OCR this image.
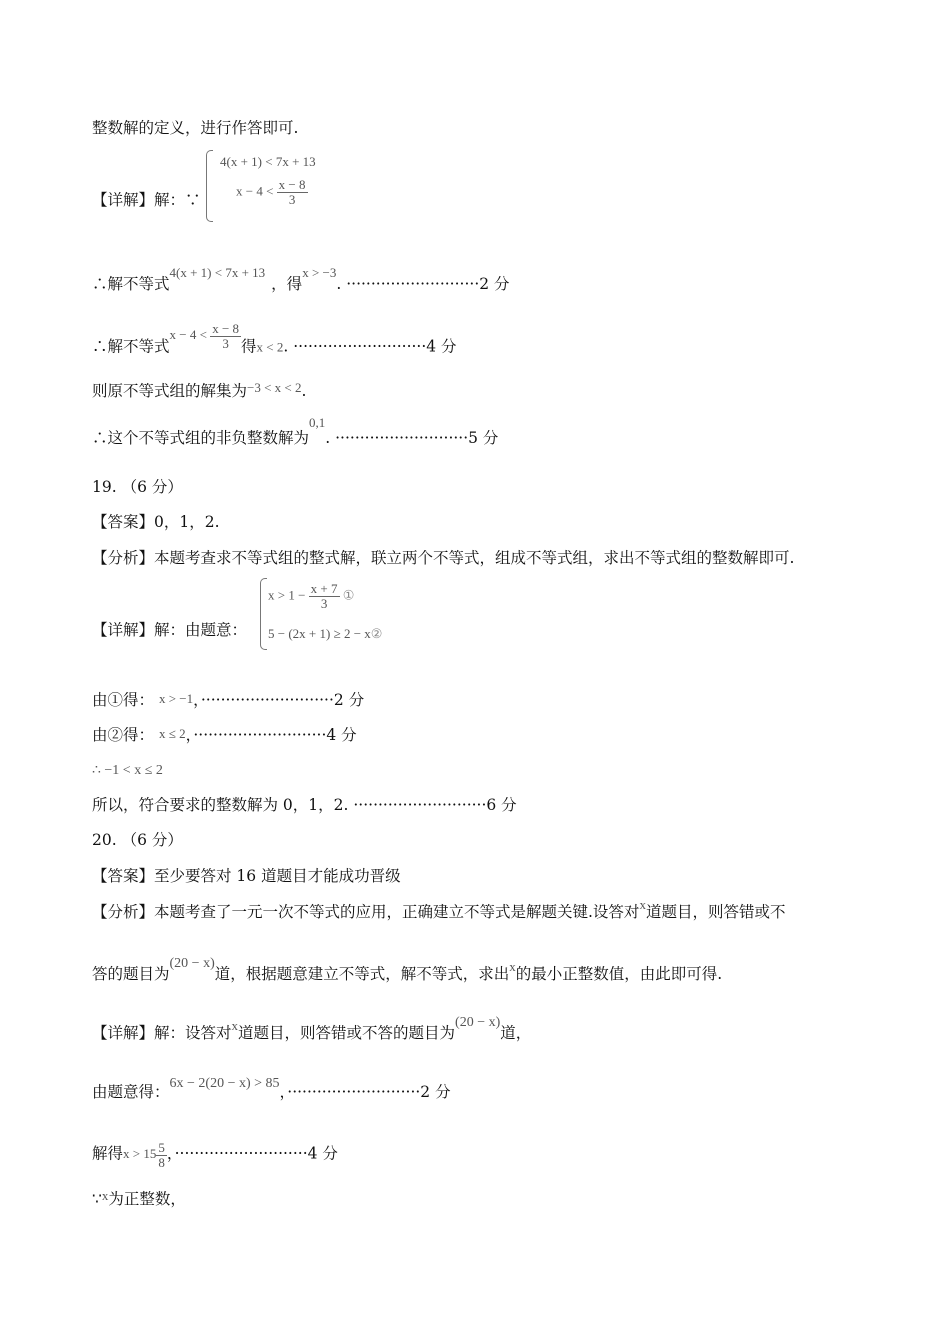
整数解的定义，进行作答即可.
【详解】解：∵
4(x + 1) < 7x + 13
$x - 4 < \frac{x - 8}{3}$
∴解不等式$^{4(x + 1) < 7x + 13}$，得$^{x > -3}$. ···························2 分
∴解不等式$^{x - 4 < \frac{x - 8}{3}}$ 得x < 2. ···························4 分
则原不等式组的解集为$^{-3 < x < 2}$.
∴这个不等式组的非负整数解为$^{0,1}$. ···························5 分
19. （6 分）
【答案】0，1，2.
【分析】本题考查求不等式组的整式解，联立两个不等式，组成不等式组，求出不等式组的整数解即可.
【详解】解：由题意：
$x > 1 - \frac{x + 7}{3}$ ①
5 − (2x + 1) ≥ 2 − x②
由①得： x > −1，···························2 分
由②得： x ≤ 2，···························4 分
∴ −1 < x ≤ 2
所以，符合要求的整数解为 0，1，2. ···························6 分
20. （6 分）
【答案】至少要答对 16 道题目才能成功晋级
【分析】本题考查了一元一次不等式的应用，正确建立不等式是解题关键.设答对$^x$道题目，则答错或不
答的题目为(20 − x)道，根据题意建立不等式，解不等式，求出$^x$的最小正整数值，由此即可得.
【详解】解：设答对$^x$道题目，则答错或不答的题目为(20 − x)道，
由题意得：6x − 2(20 − x) > 85，···························2 分
解得$x > 15 \frac{5}{8}$ ，···························4 分
∵$^x$为正整数，
